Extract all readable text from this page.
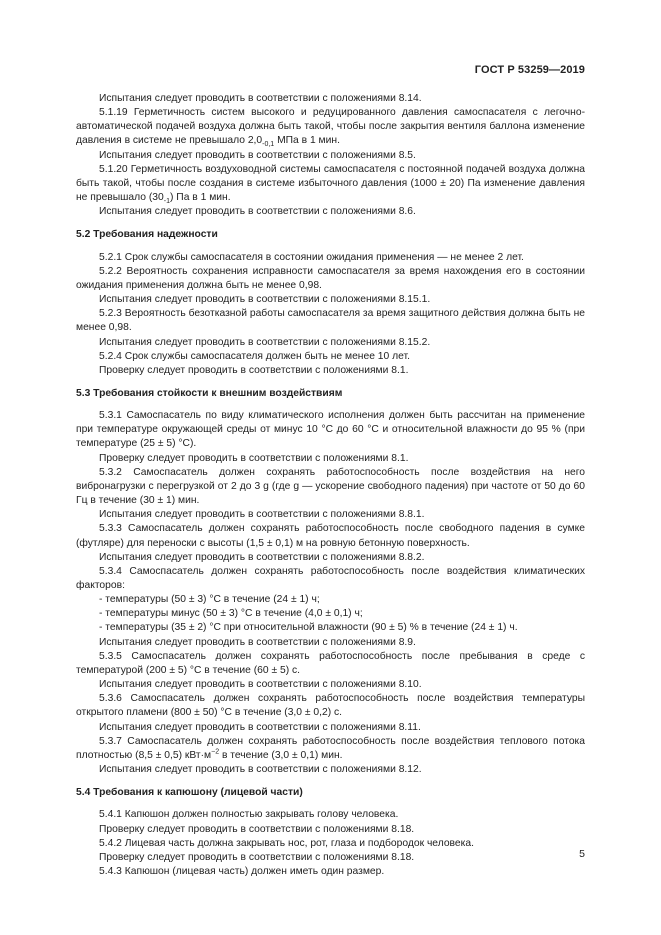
ГОСТ Р 53259—2019

Испытания следует проводить в соответствии с положениями 8.14.

5.1.19 Герметичность систем высокого и редуцированного давления самоспасателя с легочно-автоматической подачей воздуха должна быть такой, чтобы после закрытия вентиля баллона изменение давления в системе не превышало $2,0_{-0,1}$ МПа в 1 мин.

Испытания следует проводить в соответствии с положениями 8.5.

5.1.20 Герметичность воздуховодной системы самоспасателя с постоянной подачей воздуха должна быть такой, чтобы после создания в системе избыточного давления (1000 ± 20) Па изменение давления не превышало $(30_{-1})$ Па в 1 мин.

Испытания следует проводить в соответствии с положениями 8.6.

5.2 Требования надежности

5.2.1 Срок службы самоспасателя в состоянии ожидания применения — не менее 2 лет.

5.2.2 Вероятность сохранения исправности самоспасателя за время нахождения его в состоянии ожидания применения должна быть не менее 0,98.

Испытания следует проводить в соответствии с положениями 8.15.1.

5.2.3 Вероятность безотказной работы самоспасателя за время защитного действия должна быть не менее 0,98.

Испытания следует проводить в соответствии с положениями 8.15.2.

5.2.4 Срок службы самоспасателя должен быть не менее 10 лет.

Проверку следует проводить в соответствии с положениями 8.1.

5.3 Требования стойкости к внешним воздействиям

5.3.1 Самоспасатель по виду климатического исполнения должен быть рассчитан на применение при температуре окружающей среды от минус 10 °С до 60 °С и относительной влажности до 95 % (при температуре (25 ± 5) °С).

Проверку следует проводить в соответствии с положениями 8.1.

5.3.2 Самоспасатель должен сохранять работоспособность после воздействия на него вибронагрузки с перегрузкой от 2 до 3 g (где g — ускорение свободного падения) при частоте от 50 до 60 Гц в течение (30 ± 1) мин.

Испытания следует проводить в соответствии с положениями 8.8.1.

5.3.3 Самоспасатель должен сохранять работоспособность после свободного падения в сумке (футляре) для переноски с высоты (1,5 ± 0,1) м на ровную бетонную поверхность.

Испытания следует проводить в соответствии с положениями 8.8.2.

5.3.4 Самоспасатель должен сохранять работоспособность после воздействия климатических факторов:

- температуры (50 ± 3) °С в течение (24 ± 1) ч;

- температуры минус (50 ± 3) °С в течение (4,0 ± 0,1) ч;

- температуры (35 ± 2) °С при относительной влажности (90 ± 5) % в течение (24 ± 1) ч.

Испытания следует проводить в соответствии с положениями 8.9.

5.3.5 Самоспасатель должен сохранять работоспособность после пребывания в среде с температурой (200 ± 5) °С в течение (60 ± 5) с.

Испытания следует проводить в соответствии с положениями 8.10.

5.3.6 Самоспасатель должен сохранять работоспособность после воздействия температуры открытого пламени (800 ± 50) °С в течение (3,0 ± 0,2) с.

Испытания следует проводить в соответствии с положениями 8.11.

5.3.7 Самоспасатель должен сохранять работоспособность после воздействия теплового потока плотностью (8,5 ± 0,5) $кВт\cdot м^{-2}$ в течение (3,0 ± 0,1) мин.

Испытания следует проводить в соответствии с положениями 8.12.

5.4 Требования к капюшону (лицевой части)

5.4.1 Капюшон должен полностью закрывать голову человека.

Проверку следует проводить в соответствии с положениями 8.18.

5.4.2 Лицевая часть должна закрывать нос, рот, глаза и подбородок человека.

Проверку следует проводить в соответствии с положениями 8.18.

5.4.3 Капюшон (лицевая часть) должен иметь один размер.

5
